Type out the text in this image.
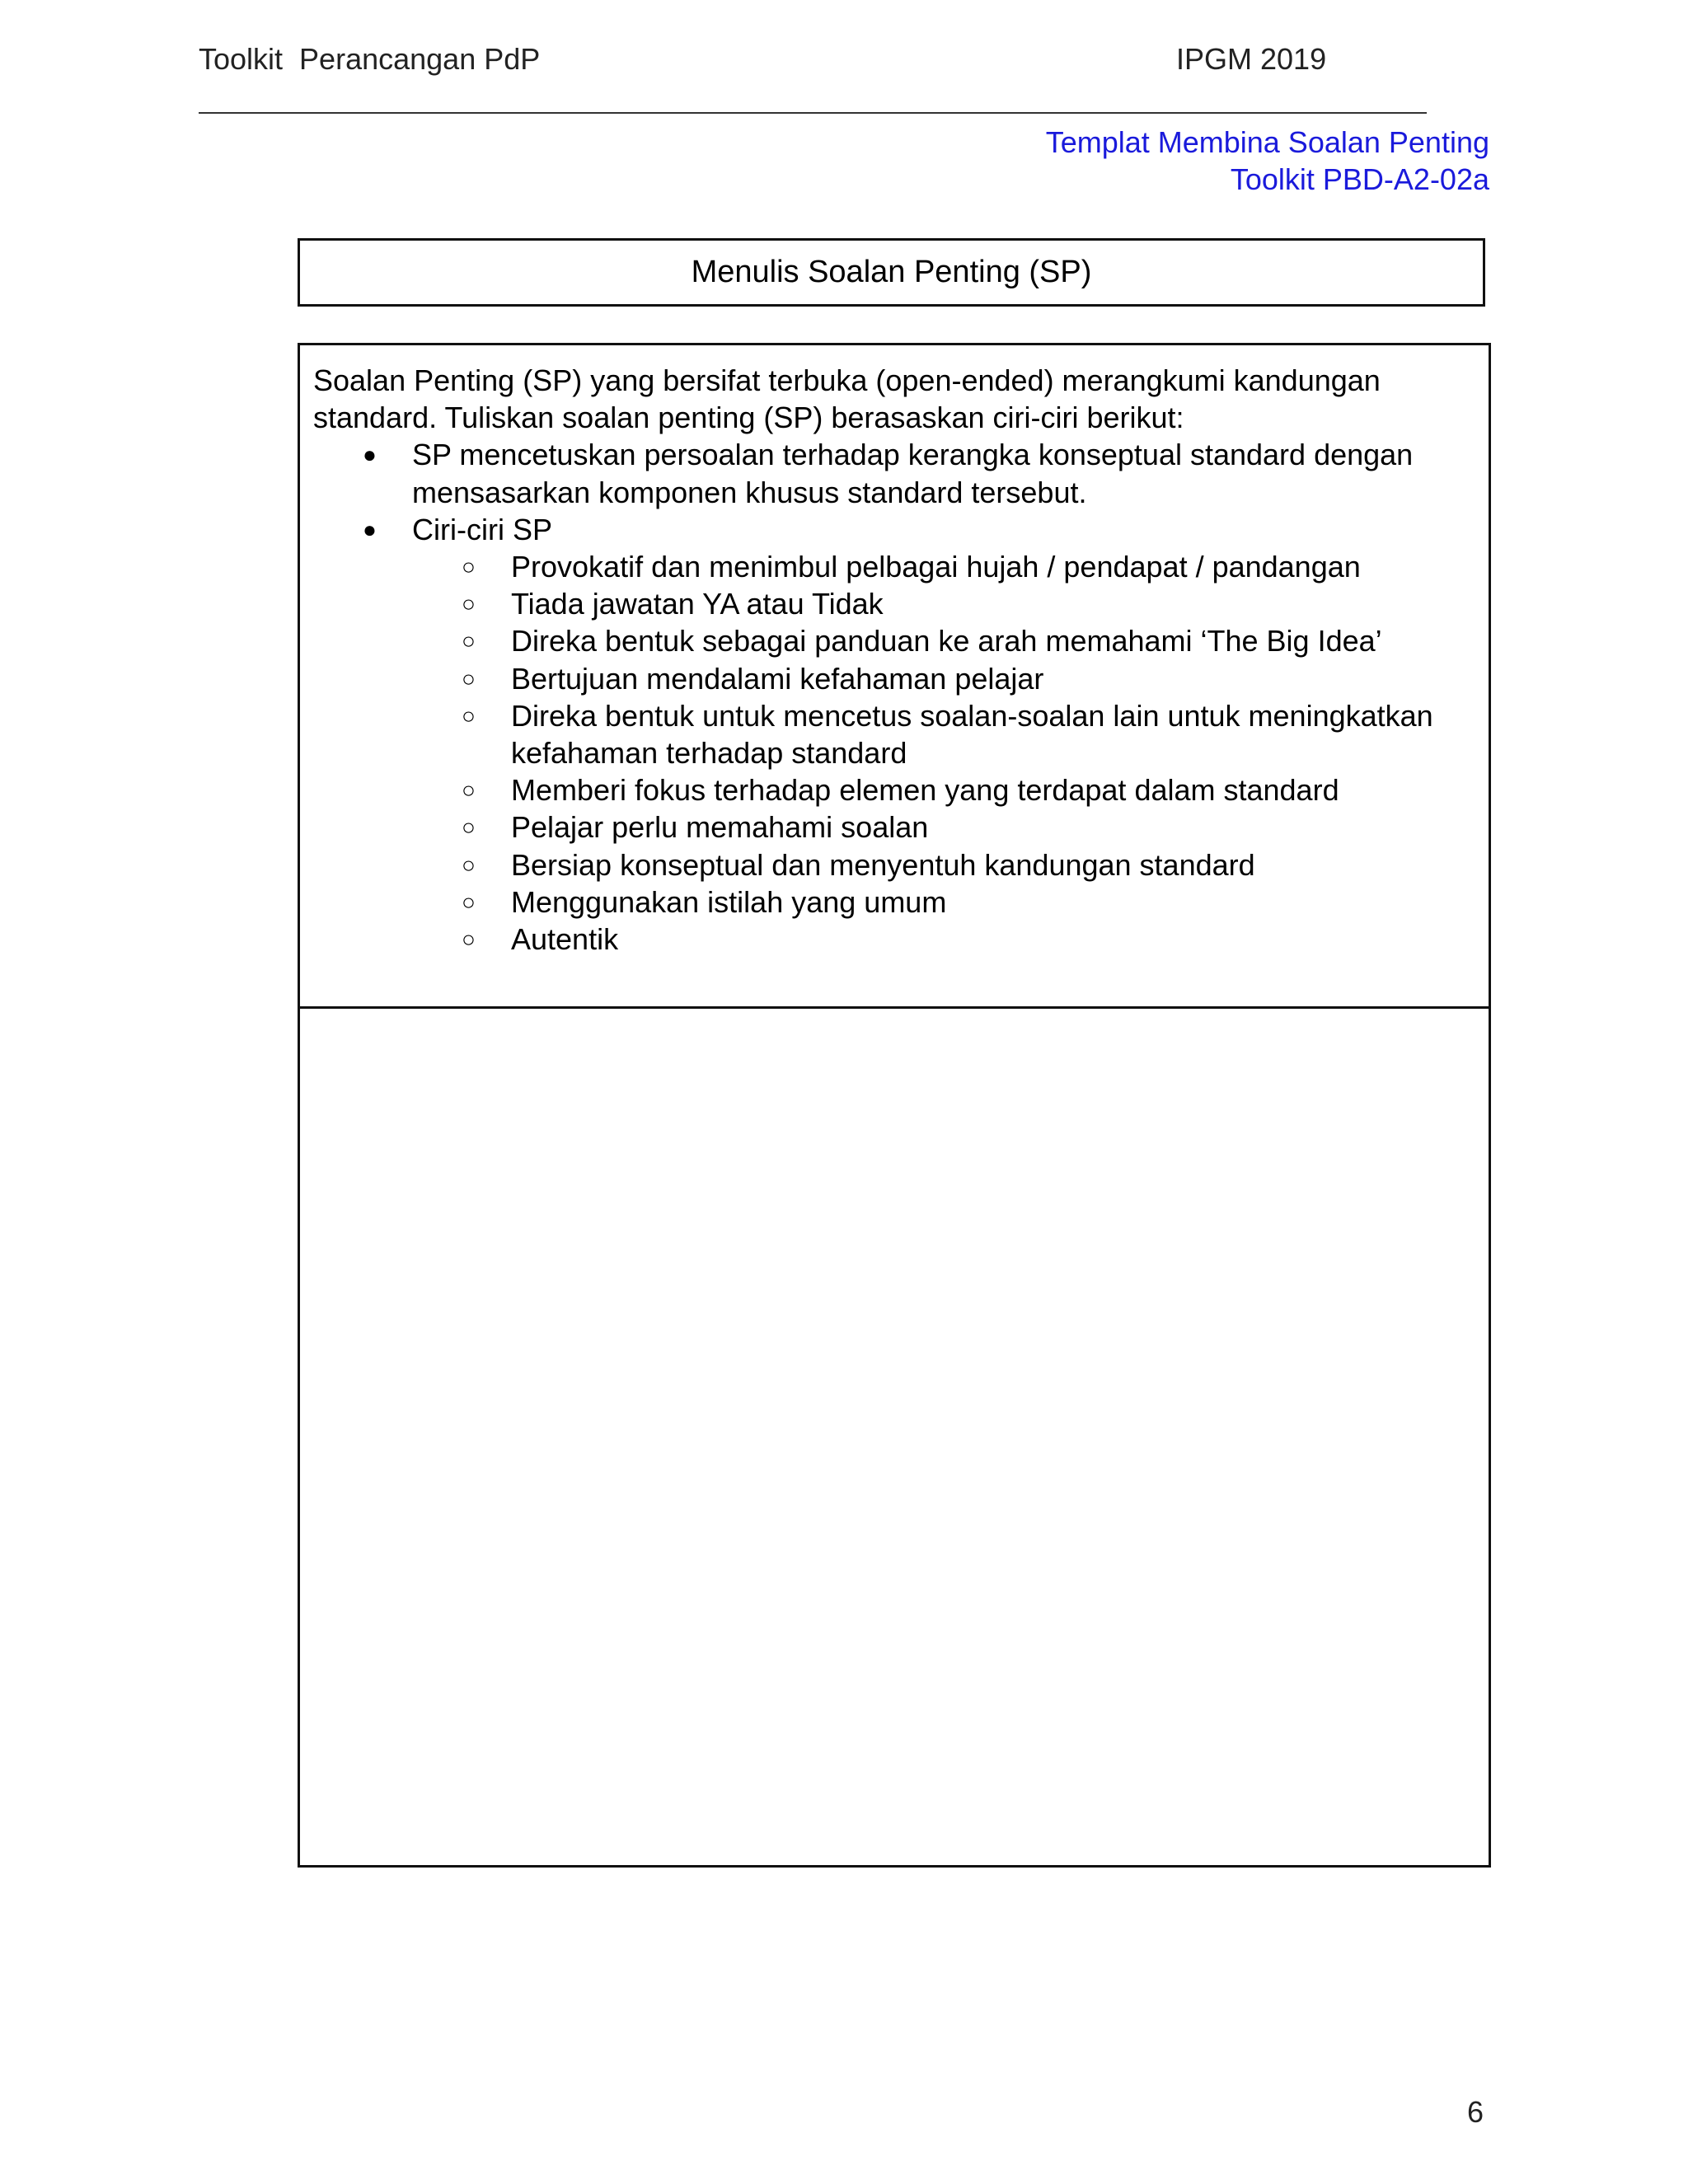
Toolkit  Perancangan PdP	IPGM 2019
Templat Membina Soalan Penting
Toolkit PBD-A2-02a
Menulis Soalan Penting (SP)

Soalan Penting (SP) yang bersifat terbuka (open-ended) merangkumi kandungan standard. Tuliskan soalan penting (SP) berasaskan ciri-ciri berikut:

● SP mencetuskan persoalan terhadap kerangka konseptual standard dengan mensasarkan komponen khusus standard tersebut.
● Ciri-ciri SP
○ Provokatif dan menimbul pelbagai hujah / pendapat / pandangan
○ Tiada jawatan YA atau Tidak
○ Direka bentuk sebagai panduan ke arah memahami ‘The Big Idea’
○ Bertujuan mendalami kefahaman pelajar
○ Direka bentuk untuk mencetus soalan-soalan lain untuk meningkatkan kefahaman terhadap standard
○ Memberi fokus terhadap elemen yang terdapat dalam standard
○ Pelajar perlu memahami soalan
○ Bersiap konseptual dan menyentuh kandungan standard
○ Menggunakan istilah yang umum
○ Autentik
6
